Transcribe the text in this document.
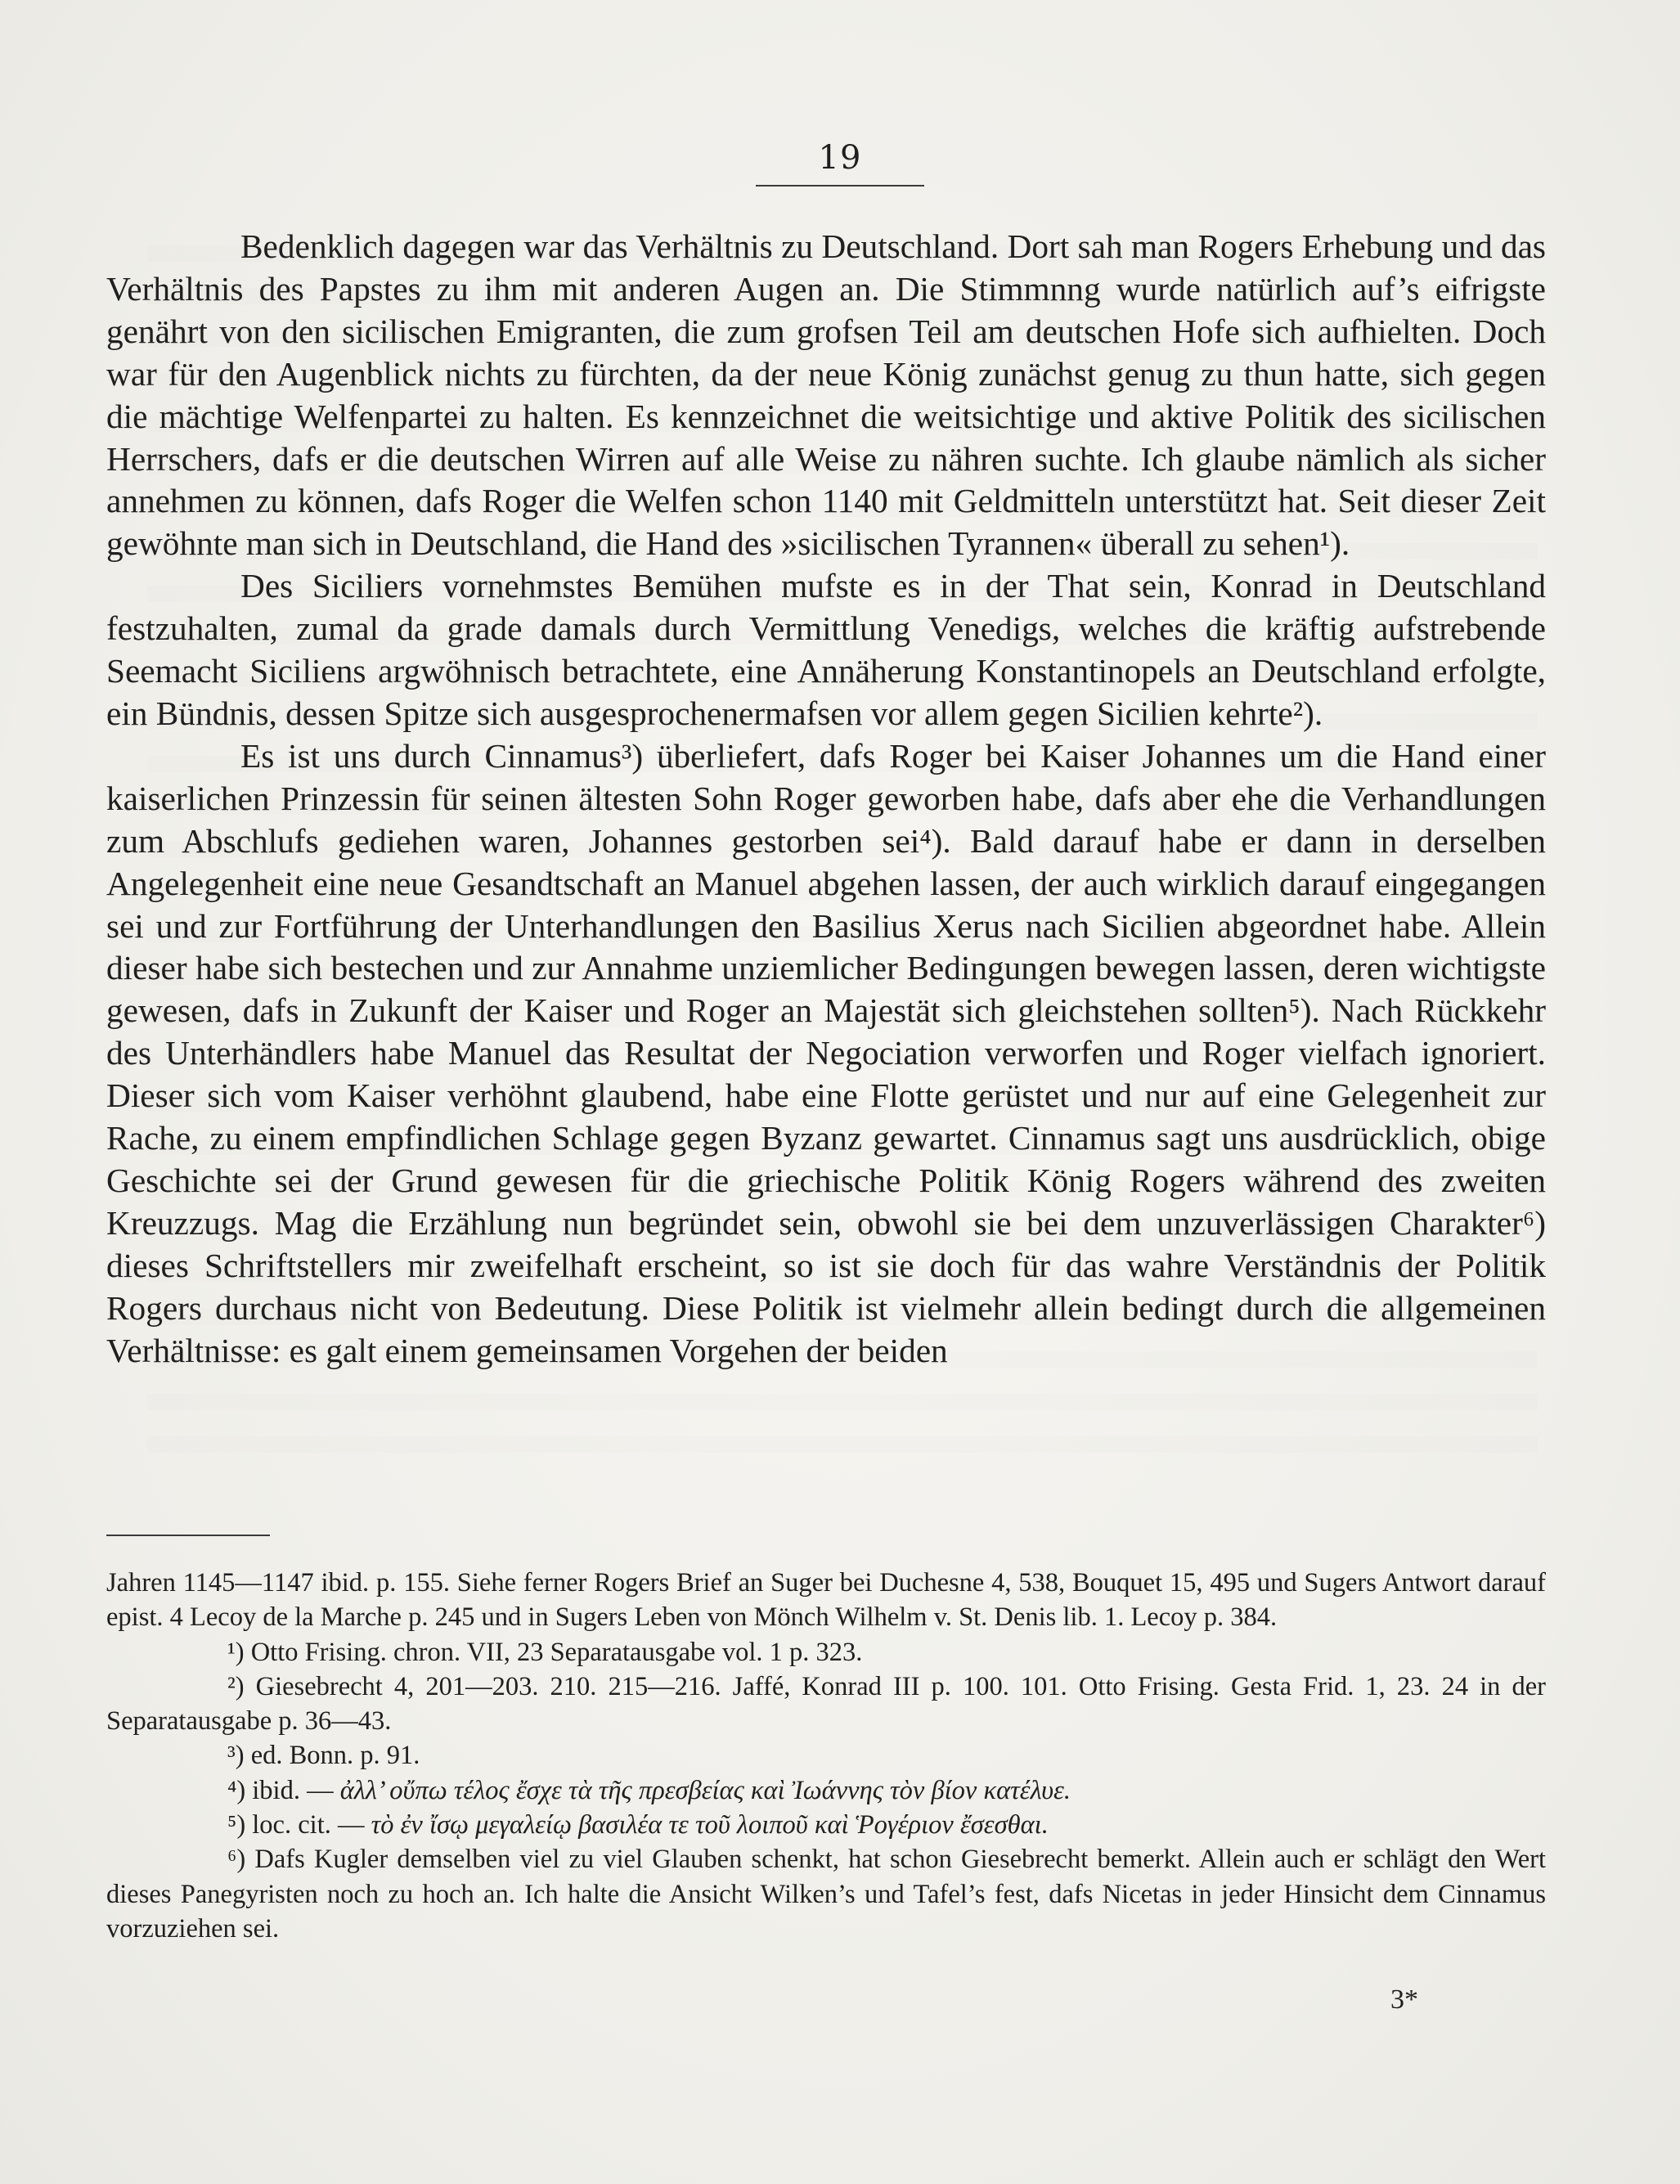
19

Bedenklich dagegen war das Verhältnis zu Deutschland. Dort sah man Rogers Erhebung und das Verhältnis des Papstes zu ihm mit anderen Augen an. Die Stimmnng wurde natürlich auf’s eifrigste genährt von den sicilischen Emigranten, die zum grofsen Teil am deutschen Hofe sich aufhielten. Doch war für den Augenblick nichts zu fürchten, da der neue König zunächst genug zu thun hatte, sich gegen die mächtige Welfenpartei zu halten. Es kennzeichnet die weitsichtige und aktive Politik des sicilischen Herrschers, dafs er die deutschen Wirren auf alle Weise zu nähren suchte. Ich glaube nämlich als sicher annehmen zu können, dafs Roger die Welfen schon 1140 mit Geldmitteln unterstützt hat. Seit dieser Zeit gewöhnte man sich in Deutschland, die Hand des »sicilischen Tyrannen« überall zu sehen¹).

Des Siciliers vornehmstes Bemühen mufste es in der That sein, Konrad in Deutschland festzuhalten, zumal da grade damals durch Vermittlung Venedigs, welches die kräftig aufstrebende Seemacht Siciliens argwöhnisch betrachtete, eine Annäherung Konstantinopels an Deutschland erfolgte, ein Bündnis, dessen Spitze sich ausgesprochenermafsen vor allem gegen Sicilien kehrte²).

Es ist uns durch Cinnamus³) überliefert, dafs Roger bei Kaiser Johannes um die Hand einer kaiserlichen Prinzessin für seinen ältesten Sohn Roger geworben habe, dafs aber ehe die Verhandlungen zum Abschlufs gediehen waren, Johannes gestorben sei⁴). Bald darauf habe er dann in derselben Angelegenheit eine neue Gesandtschaft an Manuel abgehen lassen, der auch wirklich darauf eingegangen sei und zur Fortführung der Unterhandlungen den Basilius Xerus nach Sicilien abgeordnet habe. Allein dieser habe sich bestechen und zur Annahme unziemlicher Bedingungen bewegen lassen, deren wichtigste gewesen, dafs in Zukunft der Kaiser und Roger an Majestät sich gleichstehen sollten⁵). Nach Rückkehr des Unterhändlers habe Manuel das Resultat der Negociation verworfen und Roger vielfach ignoriert. Dieser sich vom Kaiser verhöhnt glaubend, habe eine Flotte gerüstet und nur auf eine Gelegenheit zur Rache, zu einem empfindlichen Schlage gegen Byzanz gewartet. Cinnamus sagt uns ausdrücklich, obige Geschichte sei der Grund gewesen für die griechische Politik König Rogers während des zweiten Kreuzzugs. Mag die Erzählung nun begründet sein, obwohl sie bei dem unzuverlässigen Charakter⁶) dieses Schriftstellers mir zweifelhaft erscheint, so ist sie doch für das wahre Verständnis der Politik Rogers durchaus nicht von Bedeutung. Diese Politik ist vielmehr allein bedingt durch die allgemeinen Verhältnisse: es galt einem gemeinsamen Vorgehen der beiden

Jahren 1145—1147 ibid. p. 155. Siehe ferner Rogers Brief an Suger bei Duchesne 4, 538, Bouquet 15, 495 und Sugers Antwort darauf epist. 4 Lecoy de la Marche p. 245 und in Sugers Leben von Mönch Wilhelm v. St. Denis lib. 1. Lecoy p. 384.

¹) Otto Frising. chron. VII, 23 Separatausgabe vol. 1 p. 323.

²) Giesebrecht 4, 201—203. 210. 215—216. Jaffé, Konrad III p. 100. 101. Otto Frising. Gesta Frid. 1, 23. 24 in der Separatausgabe p. 36—43.

³) ed. Bonn. p. 91.

⁴) ibid. — ἀλλ’ οὔπω τέλος ἔσχε τὰ τῆς πρεσβείας καὶ Ἰωάννης τὸν βίον κατέλυε.

⁵) loc. cit. — τὸ ἐν ἴσῳ μεγαλείῳ βασιλέα τε τοῦ λοιποῦ καὶ Ῥογέριον ἔσεσθαι.

⁶) Dafs Kugler demselben viel zu viel Glauben schenkt, hat schon Giesebrecht bemerkt. Allein auch er schlägt den Wert dieses Panegyristen noch zu hoch an. Ich halte die Ansicht Wilken’s und Tafel’s fest, dafs Nicetas in jeder Hinsicht dem Cinnamus vorzuziehen sei.

3*
